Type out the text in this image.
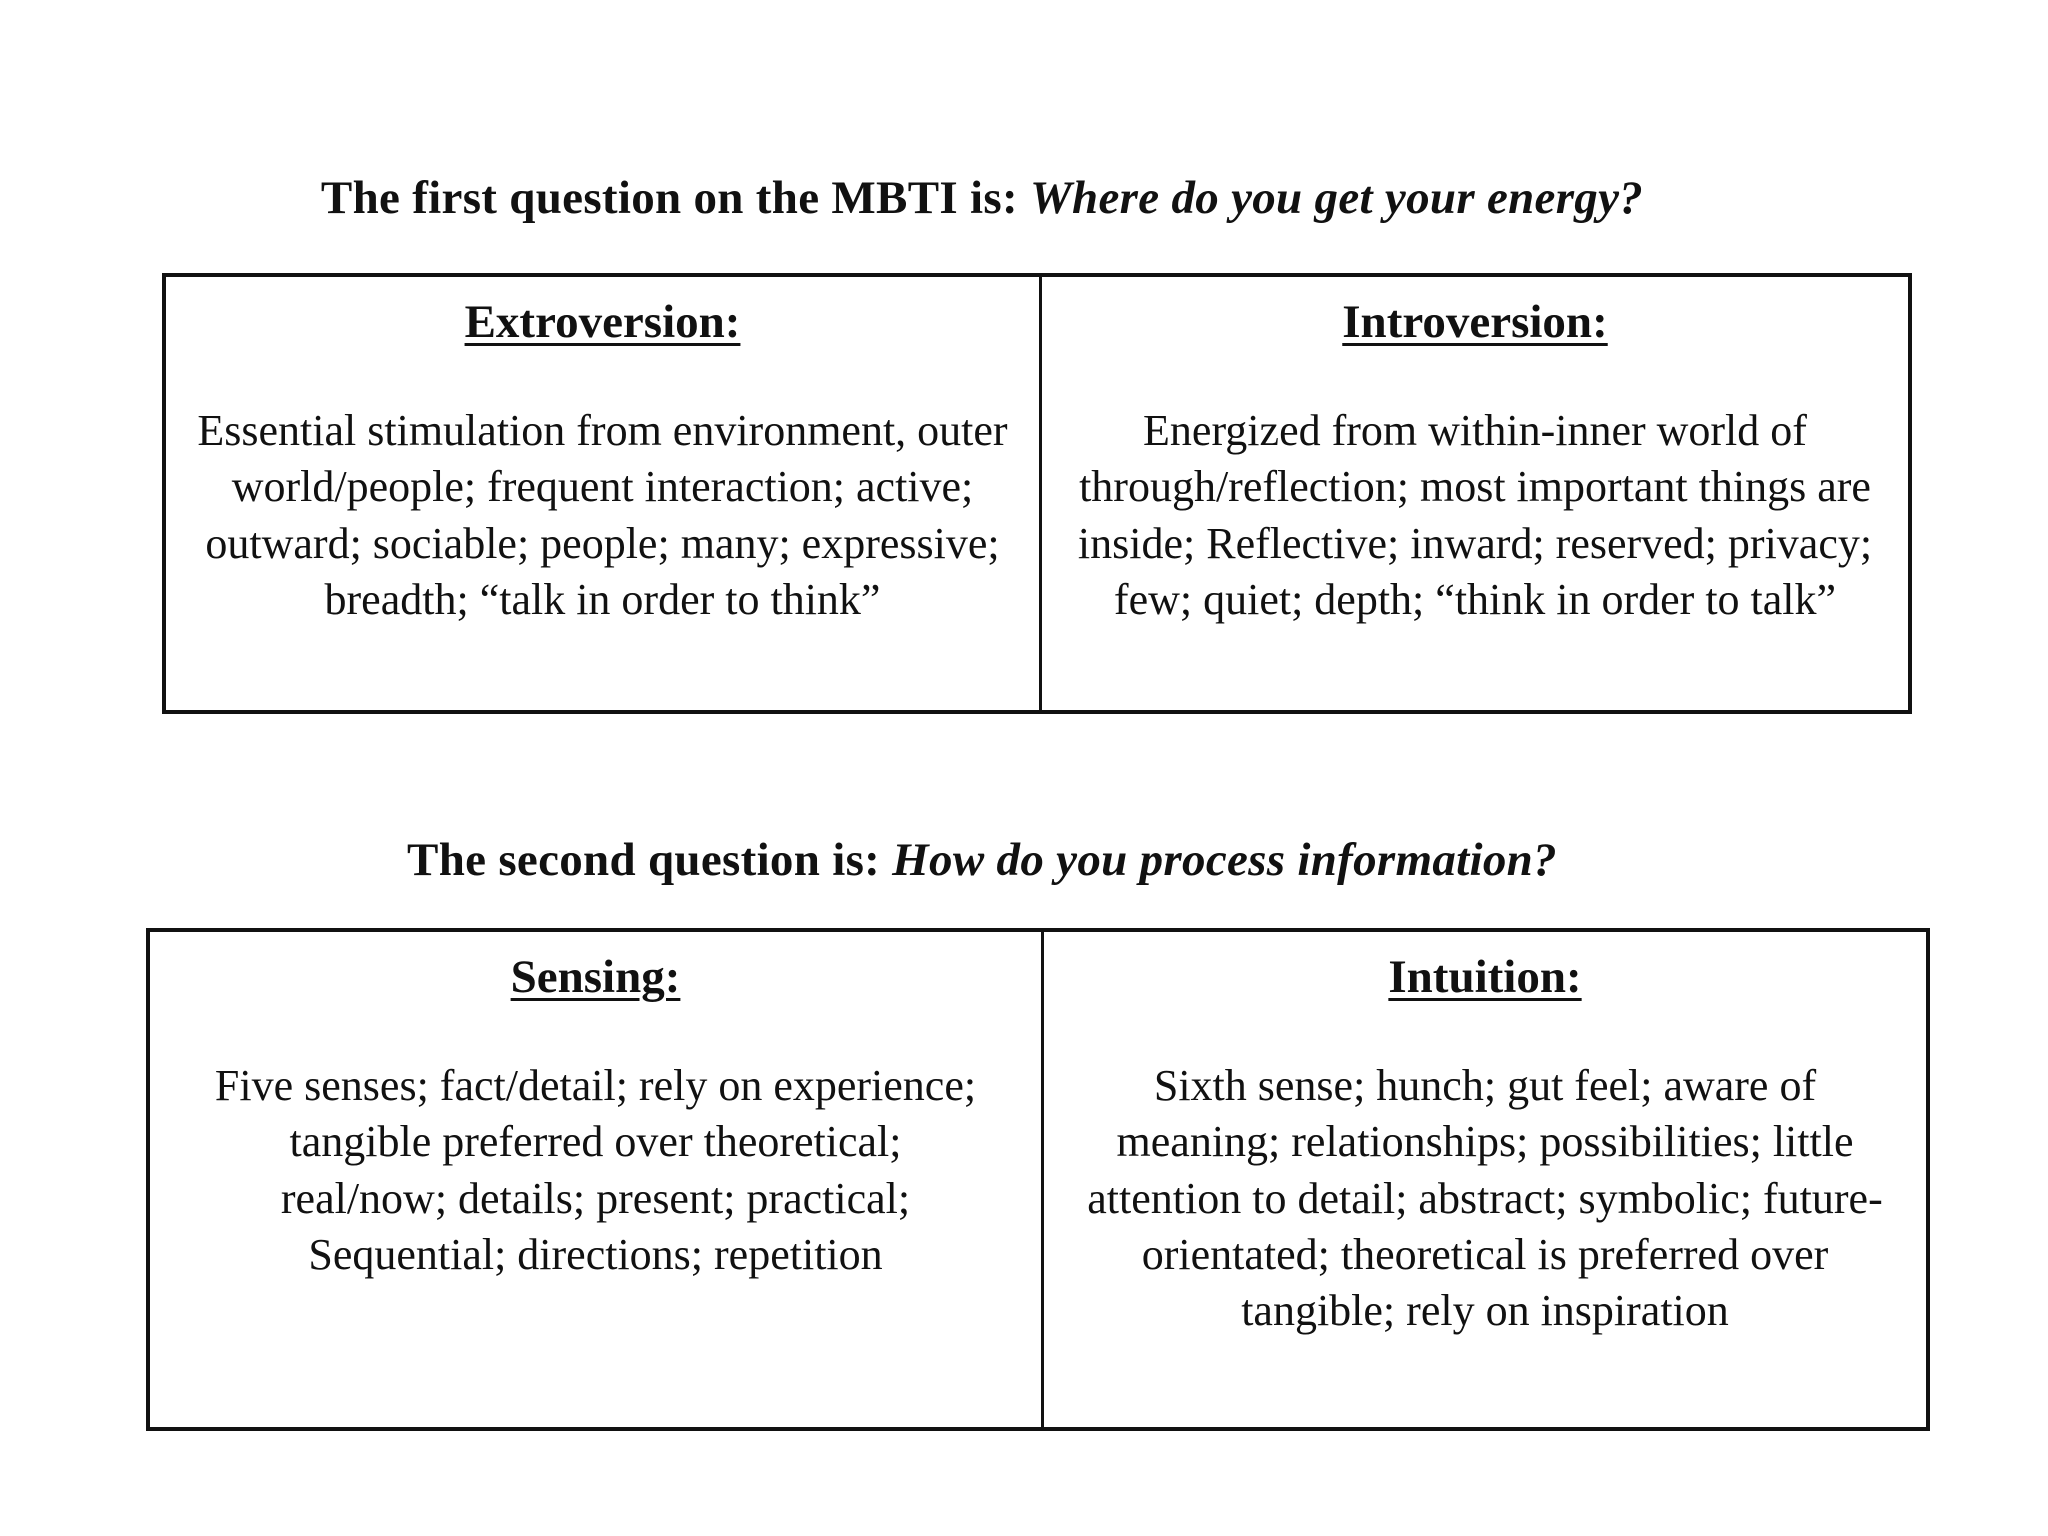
The first question on the MBTI is: Where do you get your energy?

Extroversion:

Essential stimulation from environment, outer world/people; frequent interaction; active; outward; sociable; people; many; expressive; breadth; “talk in order to think”

Introversion:

Energized from within-inner world of through/reflection; most important things are inside; Reflective; inward; reserved; privacy; few; quiet; depth; “think in order to talk”

The second question is: How do you process information?

Sensing:

Five senses; fact/detail; rely on experience; tangible preferred over theoretical; real/now; details; present; practical; Sequential; directions; repetition

Intuition:

Sixth sense; hunch; gut feel; aware of meaning; relationships; possibilities; little attention to detail; abstract; symbolic; future-orientated; theoretical is preferred over tangible; rely on inspiration
